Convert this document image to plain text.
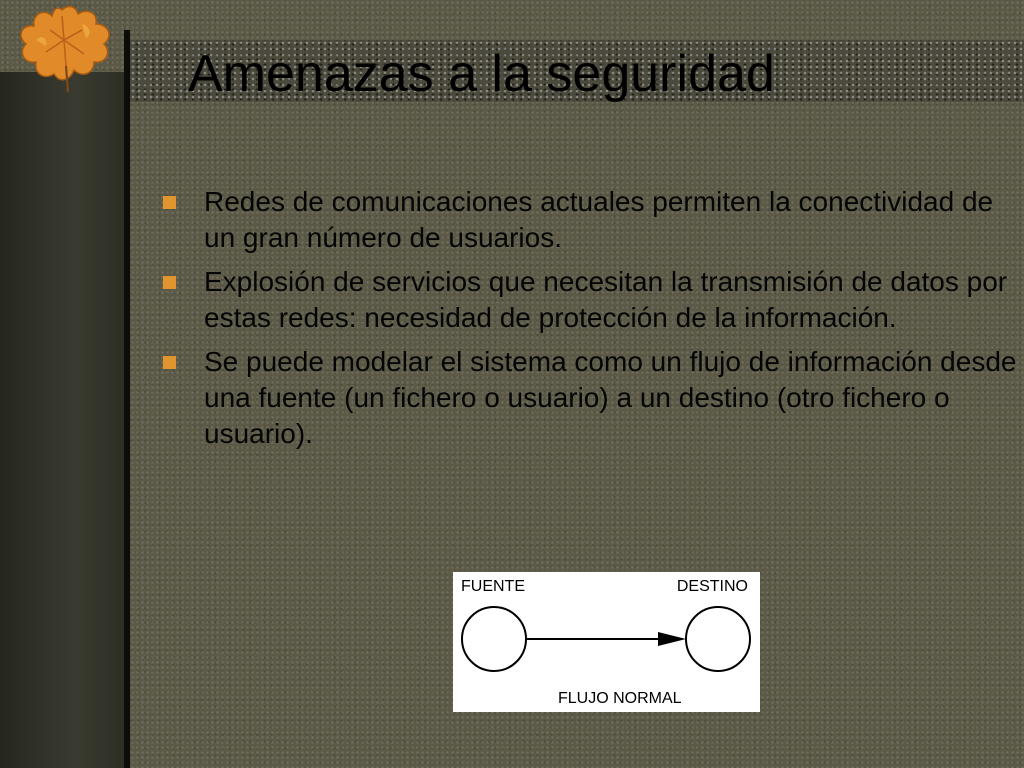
Amenazas a la seguridad
Redes de comunicaciones actuales permiten la conectividad de un gran número de usuarios.
Explosión de servicios que necesitan la transmisión de datos por estas redes: necesidad de protección de la información.
Se puede modelar el sistema como un flujo de información desde una fuente (un fichero o usuario) a un destino (otro fichero o usuario).
FUENTE	DESTINO
FLUJO NORMAL
